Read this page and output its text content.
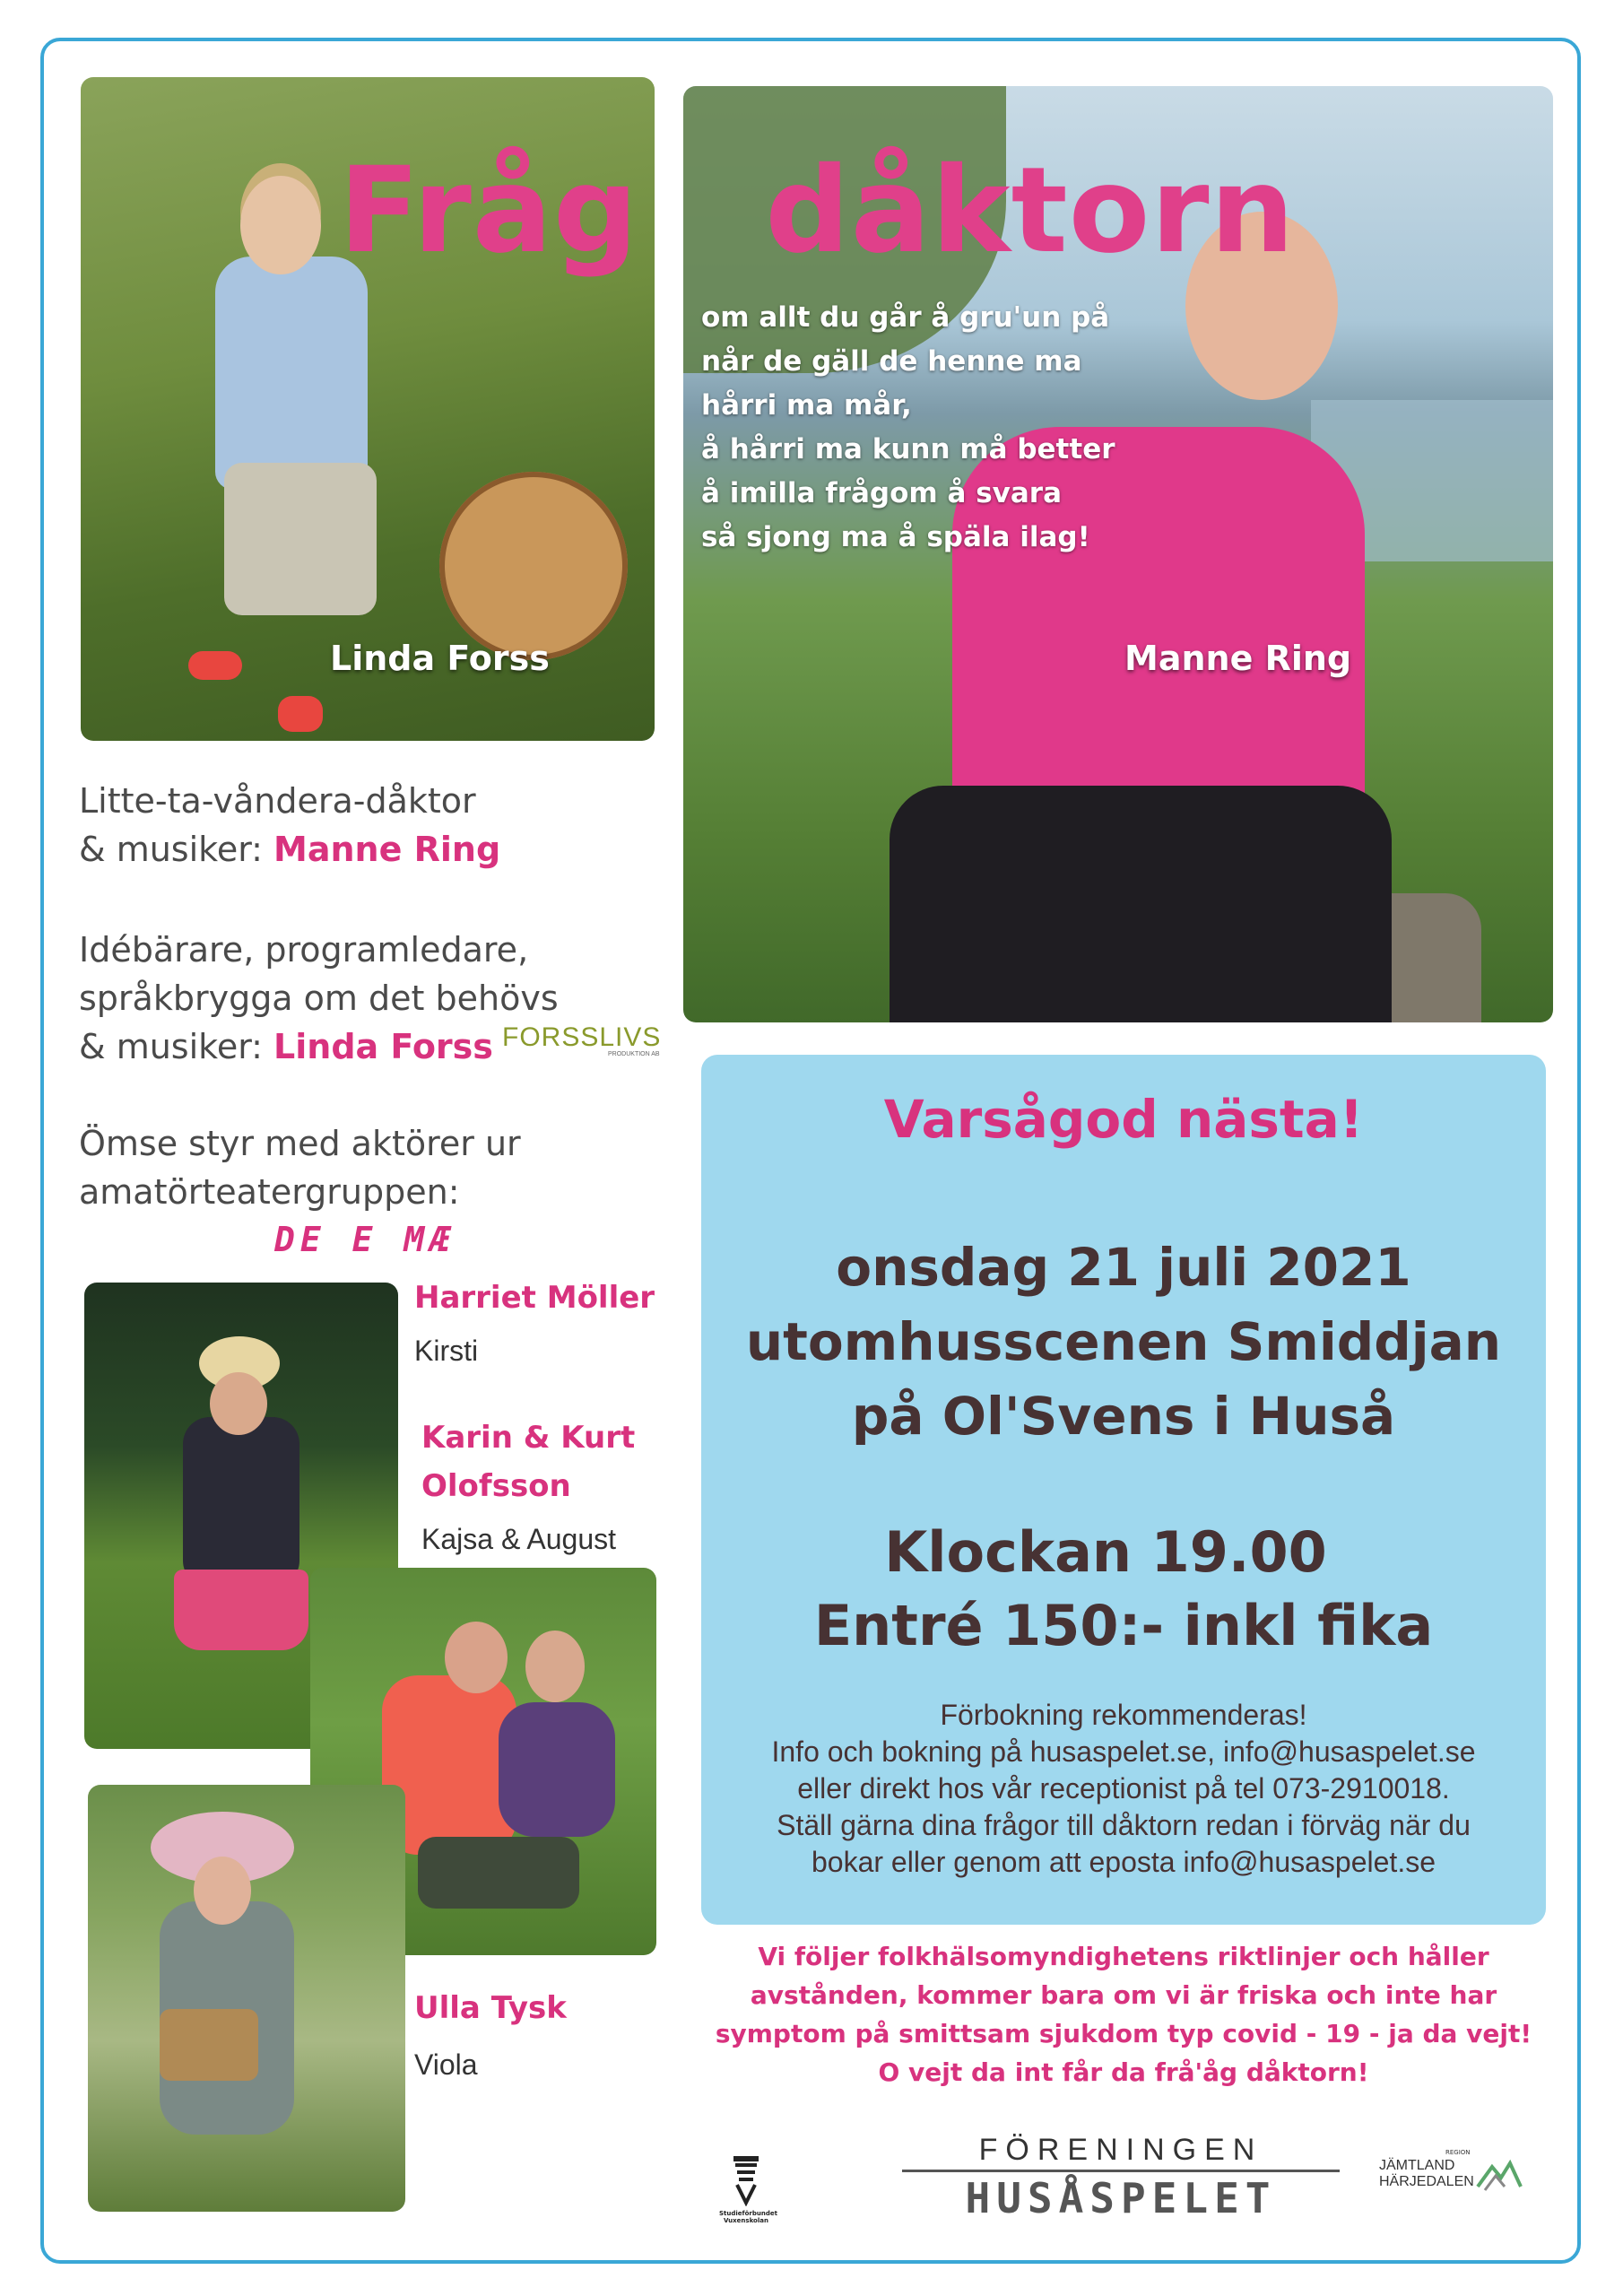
Fråg dåktorn
om allt du går å gru'un på
når de gäll de henne ma
hårri ma mår,
å hårri ma kunn må better
å imilla frågom å svara
så sjong ma å späla ilag!
Linda Forss	Manne Ring
Litte-ta-våndera-dåktor
& musiker: Manne Ring
Idébärare, programledare,
språkbrygga om det behövs
& musiker: Linda Forss FORSSLIVS
PRODUKTION AB
Ömse styr med aktörer ur
amatörteatergruppen:
DE E MÆ
Harriet Möller
Kirsti
Karin & Kurt
Olofsson
Kajsa & August
Ulla Tysk
Viola
Varsågod nästa!
onsdag 21 juli 2021
utomhusscenen Smiddjan
på Ol'Svens i Huså
Klockan 19.00
Entré 150:- inkl fika
Förbokning rekommenderas!
Info och bokning på husaspelet.se, info@husaspelet.se
eller direkt hos vår receptionist på tel 073-2910018.
Ställ gärna dina frågor till dåktorn redan i förväg när du
bokar eller genom att eposta info@husaspelet.se
Vi följer folkhälsomyndighetens riktlinjer och håller
avstånden, kommer bara om vi är friska och inte har
symptom på smittsam sjukdom typ covid - 19 - ja da vejt!
O vejt da int får da frå'åg dåktorn!
Studieförbundet
Vuxenskolan
FÖRENINGEN
HUSÅSPELET
REGION
JÄMTLAND
HÄRJEDALEN
